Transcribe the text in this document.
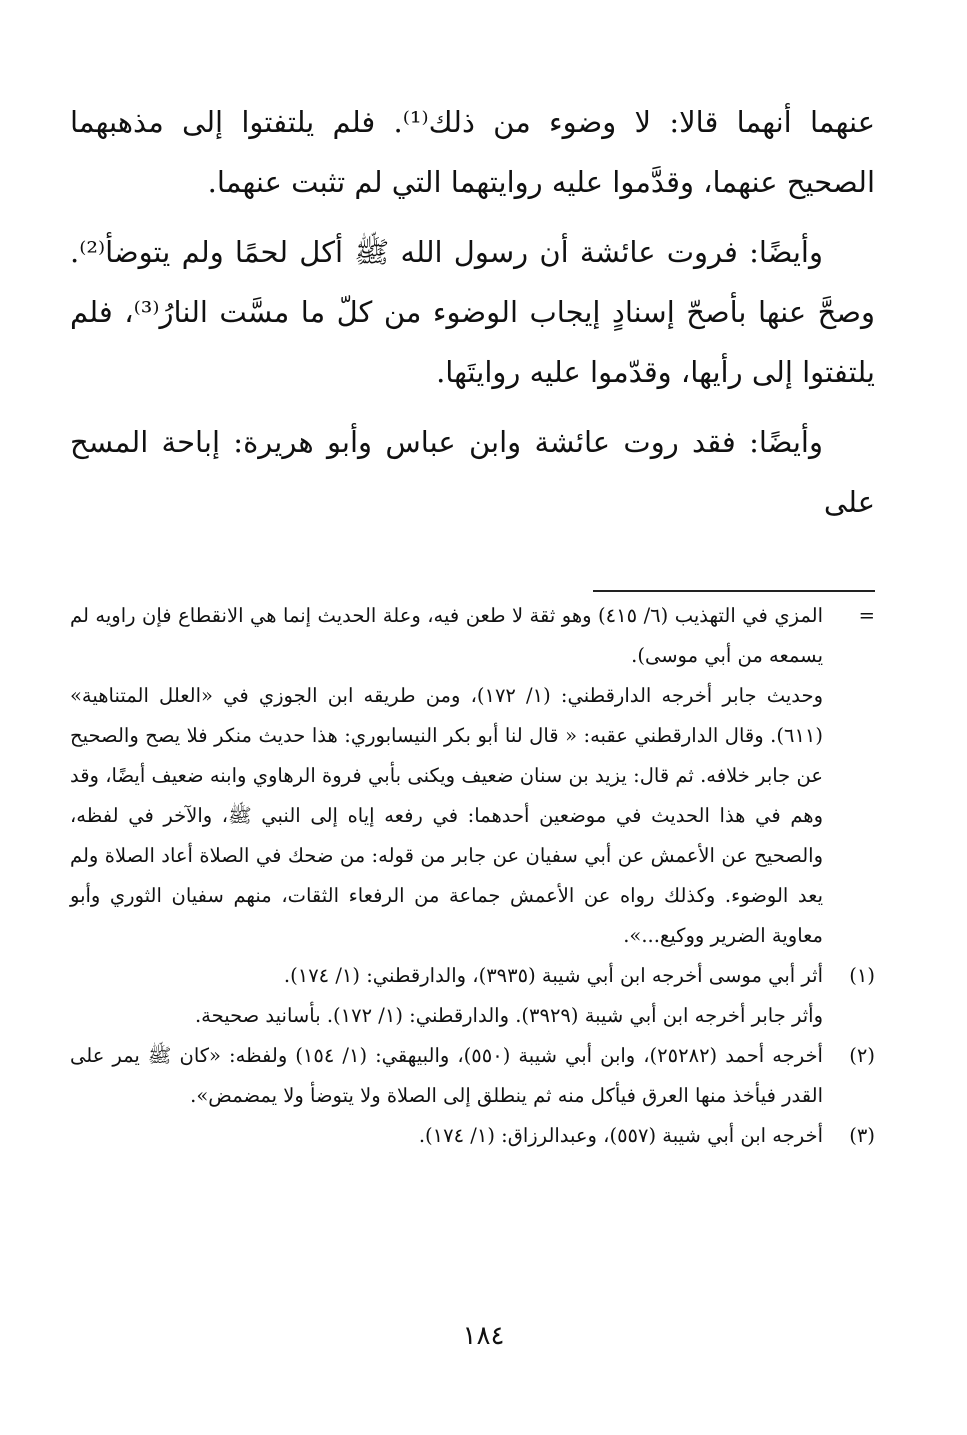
عنهما أنهما قالا: لا وضوء من ذلك⁽¹⁾. فلم يلتفتوا إلى مذهبهما الصحيح عنهما، وقدَّموا عليه روايتهما التي لم تثبت عنهما.

وأيضًا: فروت عائشة أن رسول الله ﷺ أكل لحمًا ولم يتوضأ⁽²⁾. وصحَّ عنها بأصحّ إسنادٍ إيجاب الوضوء من كلّ ما مسَّت النارُ⁽³⁾، فلم يلتفتوا إلى رأيها، وقدّموا عليه روايتَها.

وأيضًا: فقد روت عائشة وابن عباس وأبو هريرة: إباحة المسح على

=
المزي في التهذيب (٦/ ٤١٥) وهو ثقة لا طعن فيه، وعلة الحديث إنما هي الانقطاع فإن راويه لم يسمعه من أبي موسى).
وحديث جابر أخرجه الدارقطني: (١/ ١٧٢)، ومن طريقه ابن الجوزي في «العلل المتناهية» (٦١١). وقال الدارقطني عقبه: « قال لنا أبو بكر النيسابوري: هذا حديث منكر فلا يصح والصحيح عن جابر خلافه. ثم قال: يزيد بن سنان ضعيف ويكنى بأبي فروة الرهاوي وابنه ضعيف أيضًا، وقد وهم في هذا الحديث في موضعين أحدهما: في رفعه إياه إلى النبي ﷺ، والآخر في لفظه، والصحيح عن الأعمش عن أبي سفيان عن جابر من قوله: من ضحك في الصلاة أعاد الصلاة ولم يعد الوضوء. وكذلك رواه عن الأعمش جماعة من الرفعاء الثقات، منهم سفيان الثوري وأبو معاوية الضرير ووكيع...».
(١)
أثر أبي موسى أخرجه ابن أبي شيبة (٣٩٣٥)، والدارقطني: (١/ ١٧٤).
وأثر جابر أخرجه ابن أبي شيبة (٣٩٢٩). والدارقطني: (١/ ١٧٢). بأسانيد صحيحة.
(٢)
أخرجه أحمد (٢٥٢٨٢)، وابن أبي شيبة (٥٥٠)، والبيهقي: (١/ ١٥٤) ولفظه: «كان ﷺ يمر على القدر فيأخذ منها العرق فيأكل منه ثم ينطلق إلى الصلاة ولا يتوضأ ولا يمضمض».
(٣)
أخرجه ابن أبي شيبة (٥٥٧)، وعبدالرزاق: (١/ ١٧٤).
١٨٤
